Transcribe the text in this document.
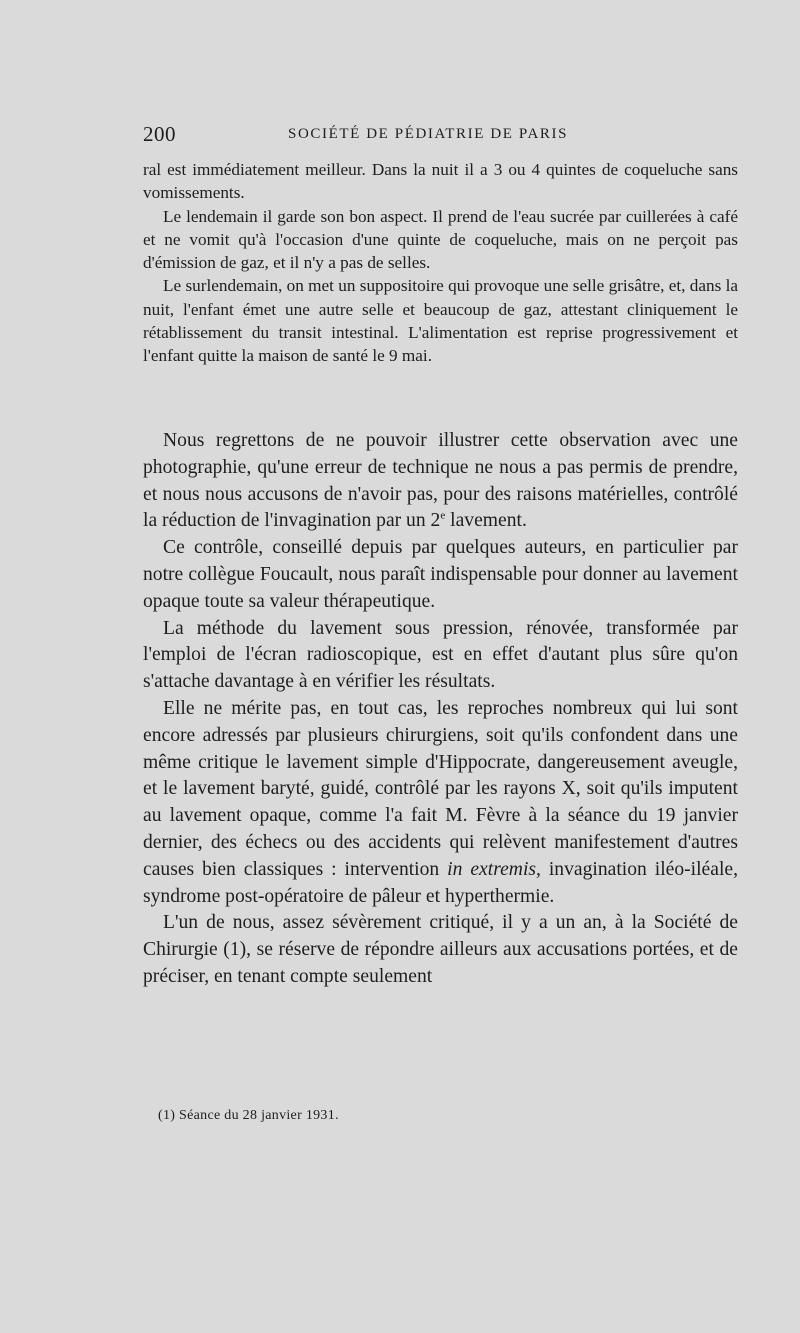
200	SOCIÉTÉ DE PÉDIATRIE DE PARIS

ral est immédiatement meilleur. Dans la nuit il a 3 ou 4 quintes de coqueluche sans vomissements.

Le lendemain il garde son bon aspect. Il prend de l'eau sucrée par cuillerées à café et ne vomit qu'à l'occasion d'une quinte de coqueluche, mais on ne perçoit pas d'émission de gaz, et il n'y a pas de selles.

Le surlendemain, on met un suppositoire qui provoque une selle grisâtre, et, dans la nuit, l'enfant émet une autre selle et beaucoup de gaz, attestant cliniquement le rétablissement du transit intestinal. L'alimentation est reprise progressivement et l'enfant quitte la maison de santé le 9 mai.

Nous regrettons de ne pouvoir illustrer cette observation avec une photographie, qu'une erreur de technique ne nous a pas permis de prendre, et nous nous accusons de n'avoir pas, pour des raisons matérielles, contrôlé la réduction de l'invagination par un 2e lavement.

Ce contrôle, conseillé depuis par quelques auteurs, en particulier par notre collègue Foucault, nous paraît indispensable pour donner au lavement opaque toute sa valeur thérapeutique.

La méthode du lavement sous pression, rénovée, transformée par l'emploi de l'écran radioscopique, est en effet d'autant plus sûre qu'on s'attache davantage à en vérifier les résultats.

Elle ne mérite pas, en tout cas, les reproches nombreux qui lui sont encore adressés par plusieurs chirurgiens, soit qu'ils confondent dans une même critique le lavement simple d'Hippocrate, dangereusement aveugle, et le lavement baryté, guidé, contrôlé par les rayons X, soit qu'ils imputent au lavement opaque, comme l'a fait M. Fèvre à la séance du 19 janvier dernier, des échecs ou des accidents qui relèvent manifestement d'autres causes bien classiques : intervention in extremis, invagination iléo-iléale, syndrome post-opératoire de pâleur et hyperthermie.

L'un de nous, assez sévèrement critiqué, il y a un an, à la Société de Chirurgie (1), se réserve de répondre ailleurs aux accusations portées, et de préciser, en tenant compte seulement

(1) Séance du 28 janvier 1931.
